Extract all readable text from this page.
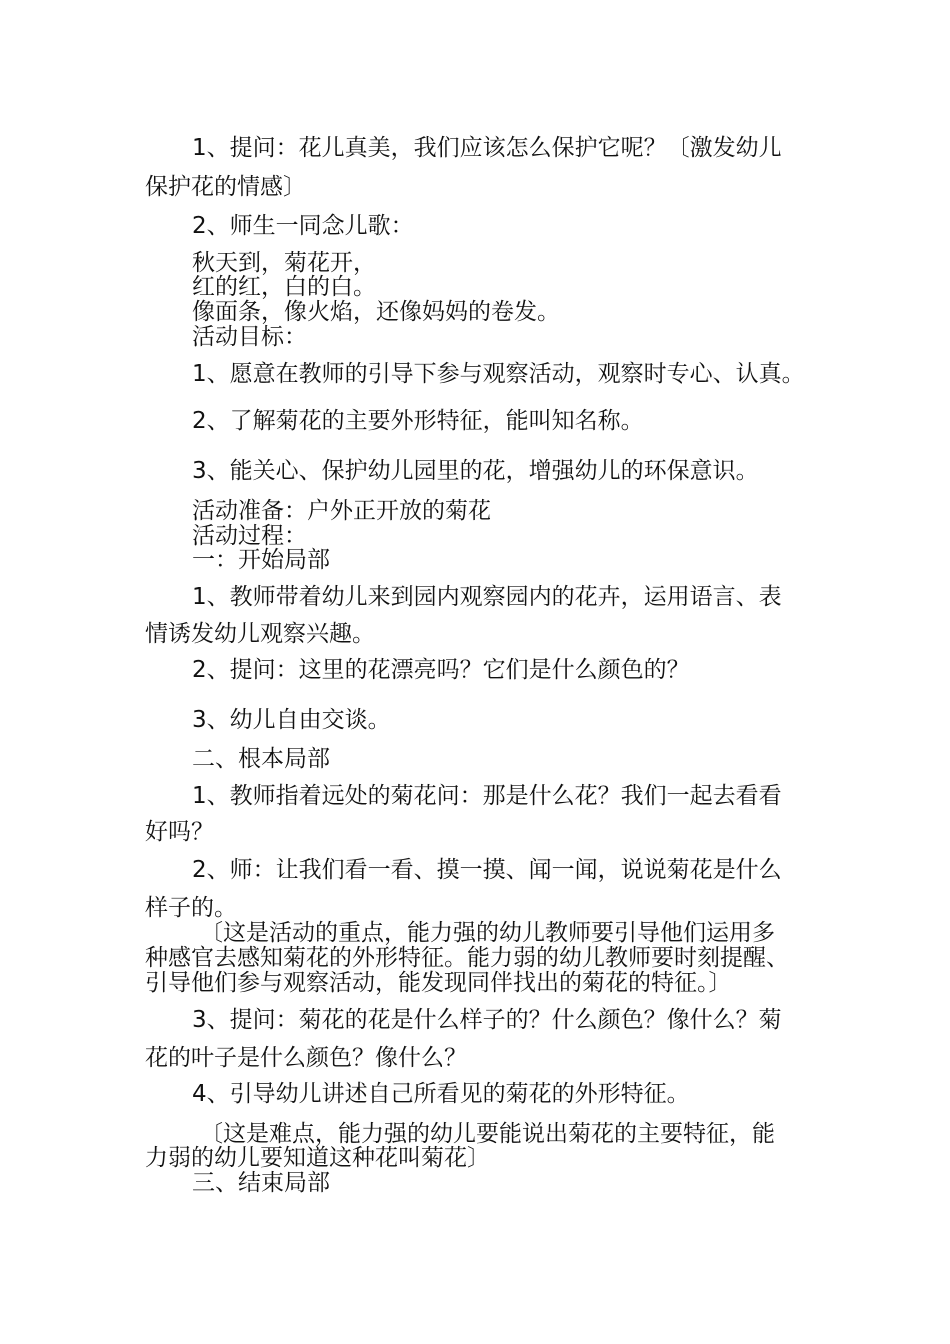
1、提问：花儿真美，我们应该怎么保护它呢？〔激发幼儿
保护花的情感〕
2、师生一同念儿歌：
秋天到，菊花开，
红的红，白的白。
像面条，像火焰，还像妈妈的卷发。
活动目标：
1、愿意在教师的引导下参与观察活动，观察时专心、认真。
2、了解菊花的主要外形特征，能叫知名称。
3、能关心、保护幼儿园里的花，增强幼儿的环保意识。
活动准备：户外正开放的菊花
活动过程：
一：开始局部
1、教师带着幼儿来到园内观察园内的花卉，运用语言、表
情诱发幼儿观察兴趣。
2、提问：这里的花漂亮吗？它们是什么颜色的？
3、幼儿自由交谈。
二、根本局部
1、教师指着远处的菊花问：那是什么花？我们一起去看看
好吗？
2、师：让我们看一看、摸一摸、闻一闻，说说菊花是什么
样子的。
〔这是活动的重点，能力强的幼儿教师要引导他们运用多
种感官去感知菊花的外形特征。能力弱的幼儿教师要时刻提醒、
引导他们参与观察活动，能发现同伴找出的菊花的特征。〕
3、提问：菊花的花是什么样子的？什么颜色？像什么？菊
花的叶子是什么颜色？像什么？
4、引导幼儿讲述自己所看见的菊花的外形特征。
〔这是难点，能力强的幼儿要能说出菊花的主要特征，能
力弱的幼儿要知道这种花叫菊花〕
三、结束局部
